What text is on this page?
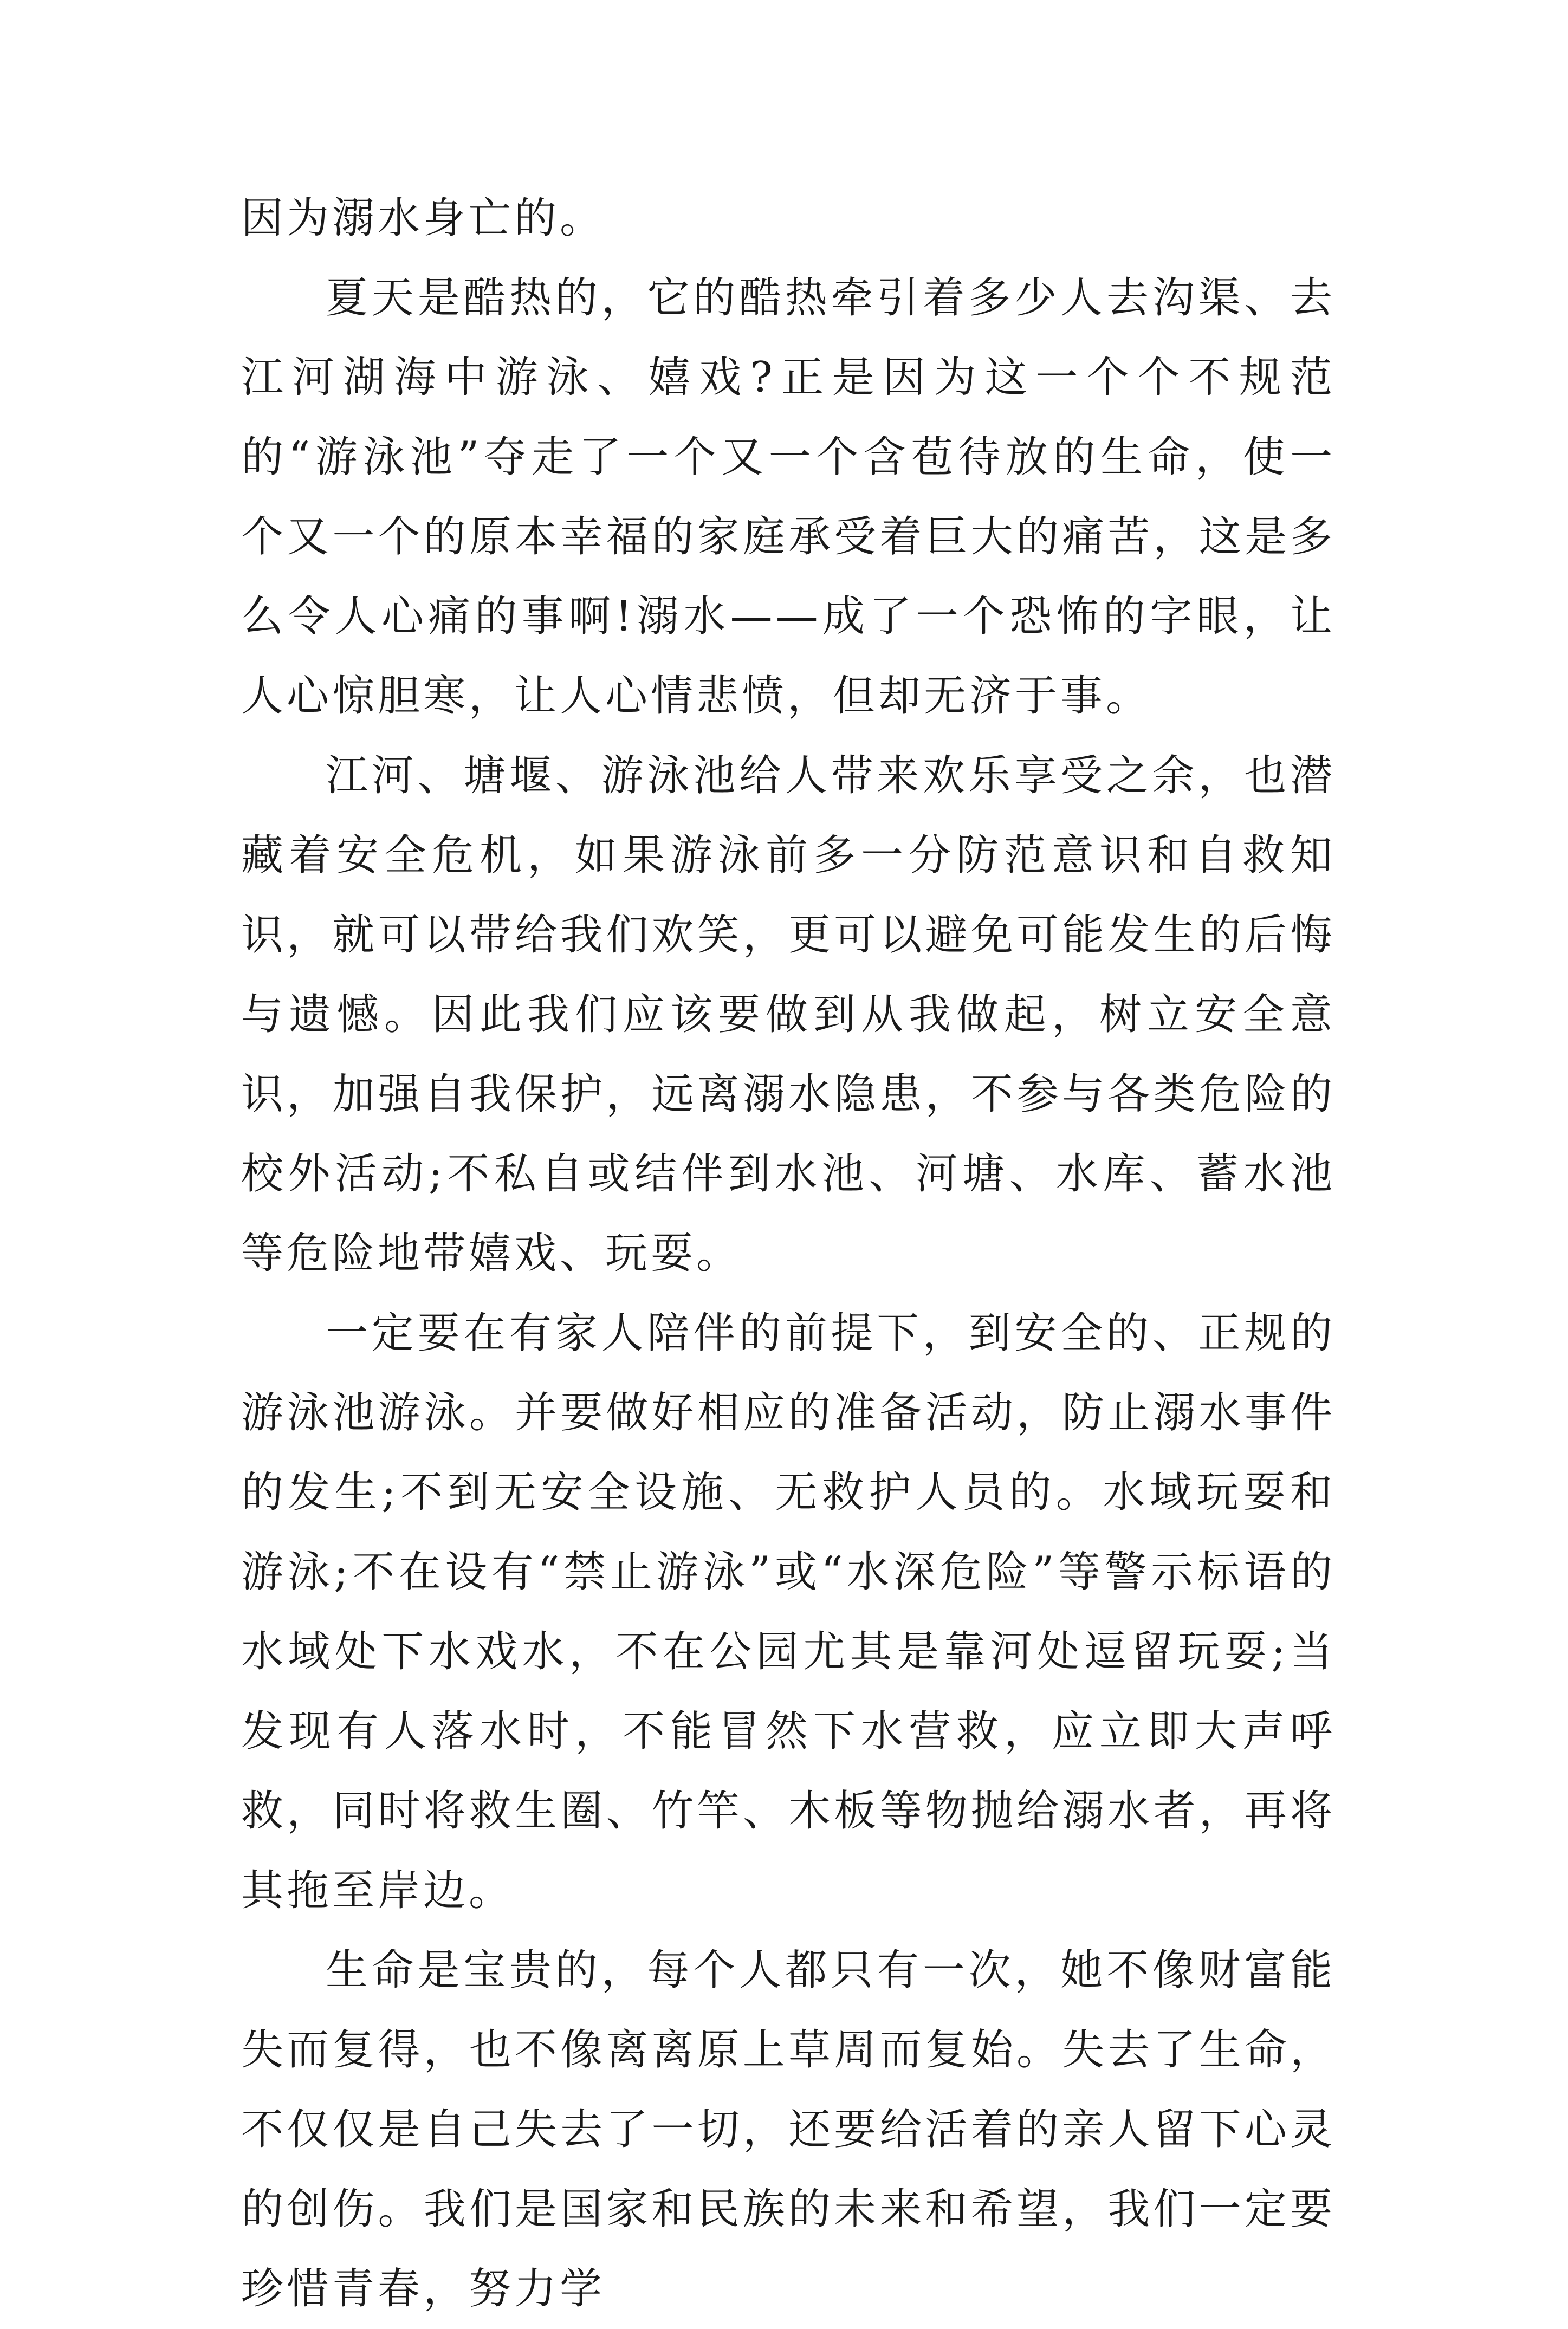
因为溺水身亡的。

夏天是酷热的，它的酷热牵引着多少人去沟渠、去江河湖海中游泳、嬉戏?正是因为这一个个不规范的“游泳池”夺走了一个又一个含苞待放的生命，使一个又一个的原本幸福的家庭承受着巨大的痛苦，这是多么令人心痛的事啊!溺水——成了一个恐怖的字眼，让人心惊胆寒，让人心情悲愤，但却无济于事。

江河、塘堰、游泳池给人带来欢乐享受之余，也潜藏着安全危机，如果游泳前多一分防范意识和自救知识，就可以带给我们欢笑，更可以避免可能发生的后悔与遗憾。因此我们应该要做到从我做起，树立安全意识，加强自我保护，远离溺水隐患，不参与各类危险的校外活动;不私自或结伴到水池、河塘、水库、蓄水池等危险地带嬉戏、玩耍。

一定要在有家人陪伴的前提下，到安全的、正规的游泳池游泳。并要做好相应的准备活动，防止溺水事件的发生;不到无安全设施、无救护人员的。水域玩耍和游泳;不在设有“禁止游泳”或“水深危险”等警示标语的水域处下水戏水，不在公园尤其是靠河处逗留玩耍;当发现有人落水时，不能冒然下水营救，应立即大声呼救，同时将救生圈、竹竿、木板等物抛给溺水者，再将其拖至岸边。

生命是宝贵的，每个人都只有一次，她不像财富能失而复得，也不像离离原上草周而复始。失去了生命，不仅仅是自己失去了一切，还要给活着的亲人留下心灵的创伤。我们是国家和民族的未来和希望，我们一定要珍惜青春，努力学
